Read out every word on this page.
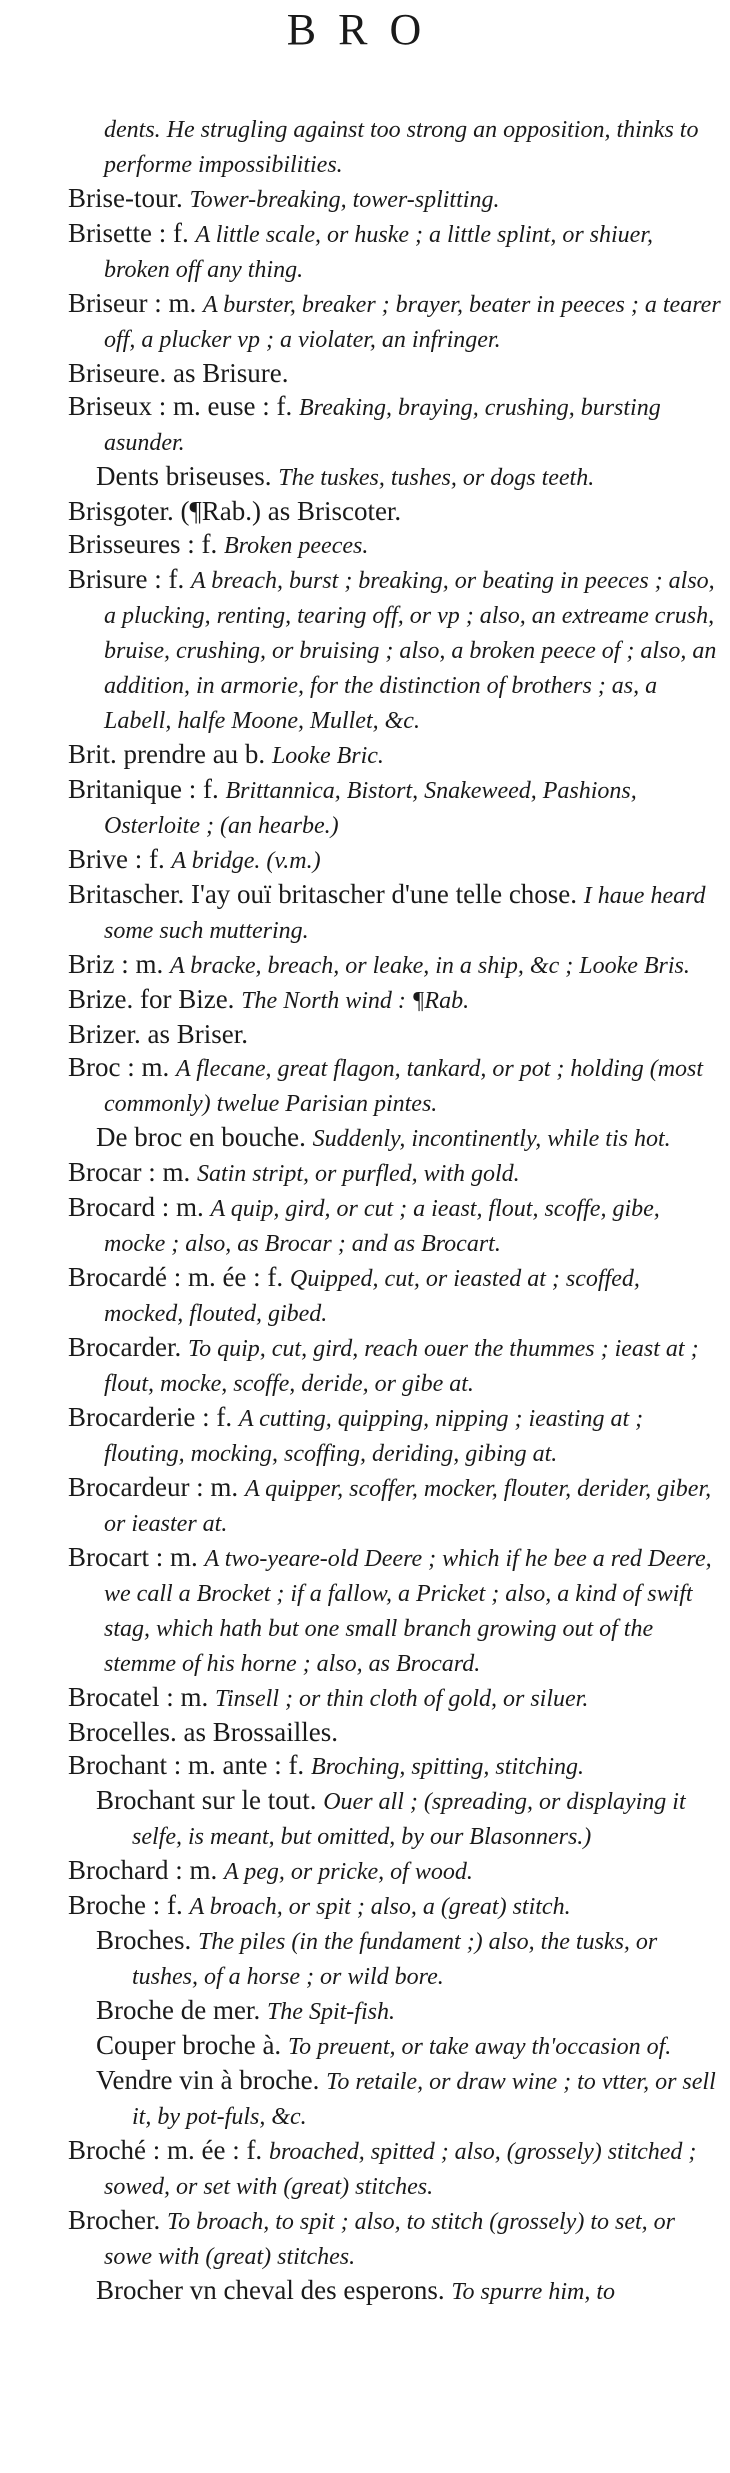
BRO

dents. He strugling against too strong an opposition, thinks to performe impossibilities.

Brise-tour. Tower-breaking, tower-splitting.

Brisette : f. A little scale, or huske ; a little splint, or shiuer, broken off any thing.

Briseur : m. A burster, breaker ; brayer, beater in peeces ; a tearer off, a plucker vp ; a violater, an infringer.

Briseure. as Brisure.

Briseux : m. euse : f. Breaking, braying, crushing, bursting asunder.

Dents briseuses. The tuskes, tushes, or dogs teeth.

Brisgoter. (¶Rab.) as Briscoter.

Brisseures : f. Broken peeces.

Brisure : f. A breach, burst ; breaking, or beating in peeces ; also, a plucking, renting, tearing off, or vp ; also, an extreame crush, bruise, crushing, or bruising ; also, a broken peece of ; also, an addition, in armorie, for the distinction of brothers ; as, a Labell, halfe Moone, Mullet, &c.

Brit. prendre au b. Looke Bric.

Britanique : f. Brittannica, Bistort, Snakeweed, Pashions, Osterloite ; (an hearbe.)

Brive : f. A bridge. (v.m.)

Britascher. I'ay ouï britascher d'une telle chose. I haue heard some such muttering.

Briz : m. A bracke, breach, or leake, in a ship, &c ; Looke Bris.

Brize. for Bize. The North wind : ¶Rab.

Brizer. as Briser.

Broc : m. A flecane, great flagon, tankard, or pot ; holding (most commonly) twelue Parisian pintes.

De broc en bouche. Suddenly, incontinently, while tis hot.

Brocar : m. Satin stript, or purfled, with gold.

Brocard : m. A quip, gird, or cut ; a ieast, flout, scoffe, gibe, mocke ; also, as Brocar ; and as Brocart.

Brocardé : m. ée : f. Quipped, cut, or ieasted at ; scoffed, mocked, flouted, gibed.

Brocarder. To quip, cut, gird, reach ouer the thummes ; ieast at ; flout, mocke, scoffe, deride, or gibe at.

Brocarderie : f. A cutting, quipping, nipping ; ieasting at ; flouting, mocking, scoffing, deriding, gibing at.

Brocardeur : m. A quipper, scoffer, mocker, flouter, derider, giber, or ieaster at.

Brocart : m. A two-yeare-old Deere ; which if he bee a red Deere, we call a Brocket ; if a fallow, a Pricket ; also, a kind of swift stag, which hath but one small branch growing out of the stemme of his horne ; also, as Brocard.

Brocatel : m. Tinsell ; or thin cloth of gold, or siluer.

Brocelles. as Brossailles.

Brochant : m. ante : f. Broching, spitting, stitching.

Brochant sur le tout. Ouer all ; (spreading, or displaying it selfe, is meant, but omitted, by our Blasonners.)

Brochard : m. A peg, or pricke, of wood.

Broche : f. A broach, or spit ; also, a (great) stitch.

Broches. The piles (in the fundament ;) also, the tusks, or tushes, of a horse ; or wild bore.

Broche de mer. The Spit-fish.

Couper broche à. To preuent, or take away th'occasion of.

Vendre vin à broche. To retaile, or draw wine ; to vtter, or sell it, by pot-fuls, &c.

Broché : m. ée : f. broached, spitted ; also, (grossely) stitched ; sowed, or set with (great) stitches.

Brocher. To broach, to spit ; also, to stitch (grossely) to set, or sowe with (great) stitches.

Brocher vn cheval des esperons. To spurre him, to
